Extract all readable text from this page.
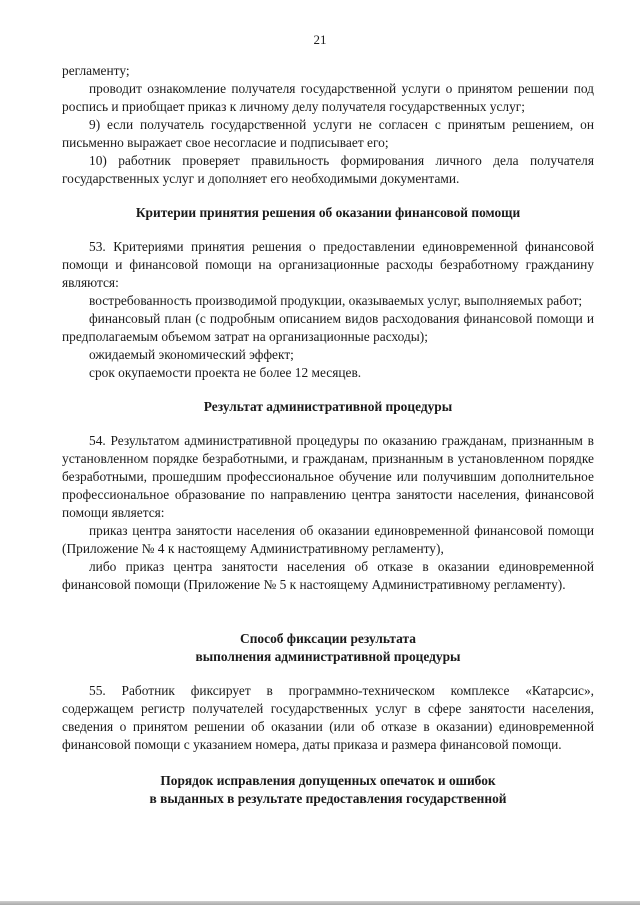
21

регламенту;

проводит ознакомление получателя государственной услуги о принятом решении под роспись и приобщает приказ к личному делу получателя государственных услуг;

9) если получатель государственной услуги не согласен с принятым решением, он письменно выражает свое несогласие и подписывает его;

10) работник проверяет правильность формирования личного дела получателя государственных услуг и дополняет его необходимыми документами.

Критерии принятия решения об оказании финансовой помощи

53. Критериями принятия решения о предоставлении единовременной финансовой помощи и финансовой помощи на организационные расходы безработному гражданину являются:

востребованность производимой продукции, оказываемых услуг, выполняемых работ;

финансовый план (с подробным описанием видов расходования финансовой помощи и предполагаемым объемом затрат на организационные расходы);

ожидаемый экономический эффект;

срок окупаемости проекта не более 12 месяцев.

Результат административной процедуры

54. Результатом административной процедуры по оказанию гражданам, признанным в установленном порядке безработными, и гражданам, признанным в установленном порядке безработными, прошедшим профессиональное обучение или получившим дополнительное профессиональное образование по направлению центра занятости населения, финансовой помощи является:

приказ центра занятости населения об оказании единовременной финансовой помощи (Приложение № 4 к настоящему Административному регламенту),

либо приказ центра занятости населения об отказе в оказании единовременной финансовой помощи (Приложение № 5 к настоящему Административному регламенту).

Способ фиксации результата

выполнения административной процедуры

55. Работник фиксирует в программно-техническом комплексе «Катарсис», содержащем регистр получателей государственных услуг в сфере занятости населения, сведения о принятом решении об оказании (или об отказе в оказании) единовременной финансовой помощи с указанием номера, даты приказа и размера финансовой помощи.

Порядок исправления допущенных опечаток и ошибок

в выданных в результате предоставления государственной
